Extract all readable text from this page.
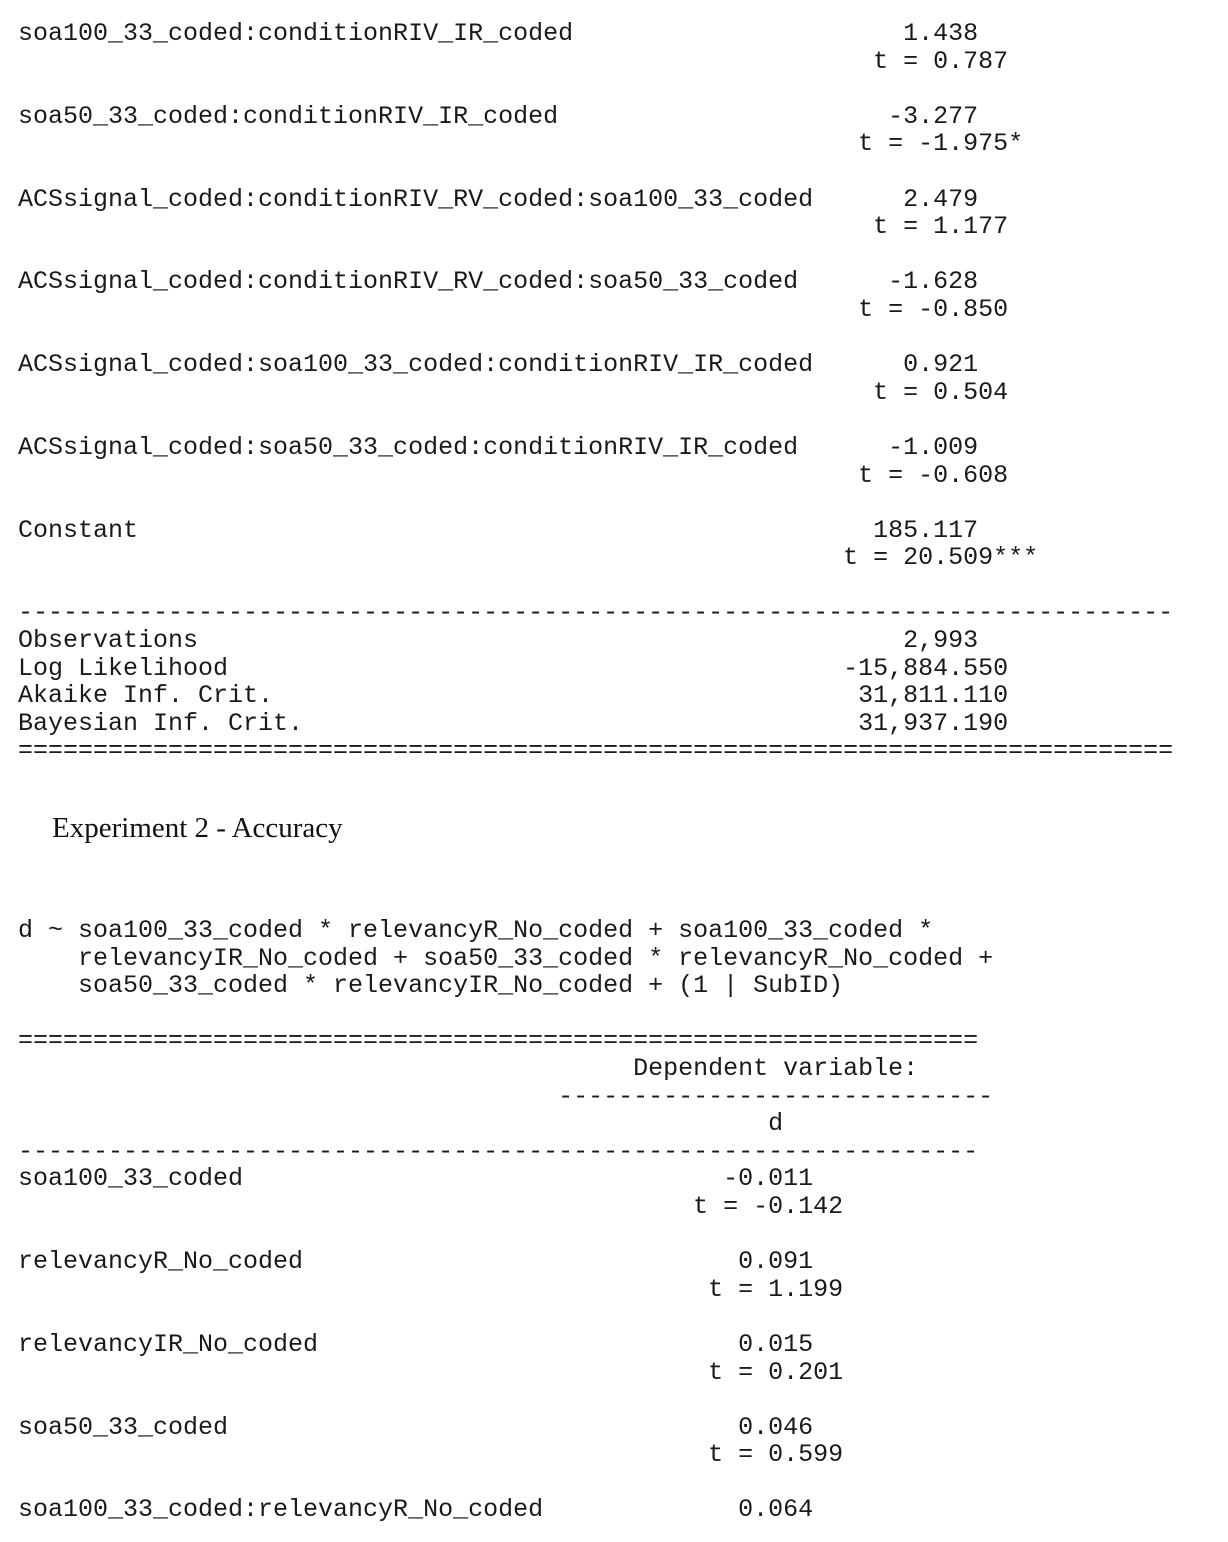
soa100_33_coded:conditionRIV_IR_coded                      1.438
t = 0.787
soa50_33_coded:conditionRIV_IR_coded                      -3.277
t = -1.975*
ACSsignal_coded:conditionRIV_RV_coded:soa100_33_coded      2.479
t = 1.177
ACSsignal_coded:conditionRIV_RV_coded:soa50_33_coded      -1.628
t = -0.850
ACSsignal_coded:soa100_33_coded:conditionRIV_IR_coded      0.921
t = 0.504
ACSsignal_coded:soa50_33_coded:conditionRIV_IR_coded      -1.009
t = -0.608
Constant                                                 185.117
t = 20.509***
-----------------------------------------------------------------------------
Observations                                               2,993
Log Likelihood                                         -15,884.550
Akaike Inf. Crit.                                       31,811.110
Bayesian Inf. Crit.                                     31,937.190
=============================================================================
Experiment 2 - Accuracy
d ~ soa100_33_coded * relevancyR_No_coded + soa100_33_coded *
relevancyIR_No_coded + soa50_33_coded * relevancyR_No_coded +
soa50_33_coded * relevancyIR_No_coded + (1 | SubID)
================================================================
Dependent variable:
-----------------------------
d
----------------------------------------------------------------
soa100_33_coded                                -0.011
t = -0.142
relevancyR_No_coded                             0.091
t = 1.199
relevancyIR_No_coded                            0.015
t = 0.201
soa50_33_coded                                  0.046
t = 0.599
soa100_33_coded:relevancyR_No_coded             0.064
